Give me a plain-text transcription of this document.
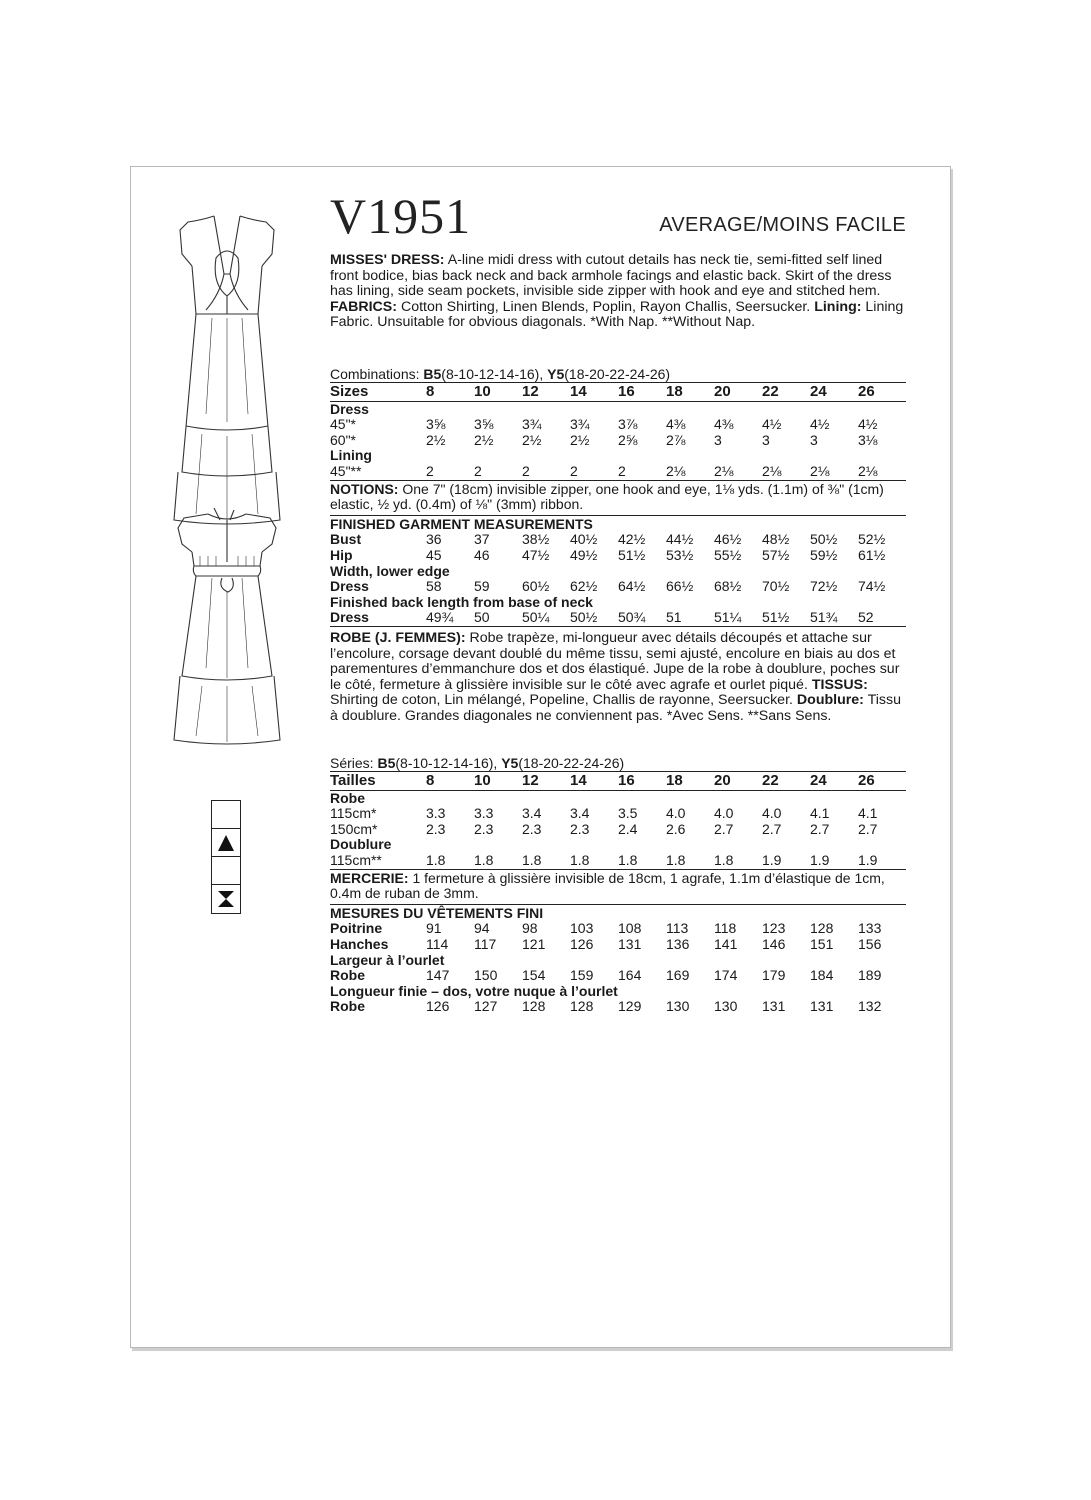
V1951	AVERAGE/MOINS FACILE
MISSES' DRESS: A-line midi dress with cutout details has neck tie, semi-fitted self lined front bodice, bias back neck and back armhole facings and elastic back. Skirt of the dress has lining, side seam pockets, invisible side zipper with hook and eye and stitched hem. FABRICS: Cotton Shirting, Linen Blends, Poplin, Rayon Challis, Seersucker. Lining: Lining Fabric. Unsuitable for obvious diagonals. *With Nap. **Without Nap.
Combinations: B5(8-10-12-14-16), Y5(18-20-22-24-26)
Sizes	8	10	12	14	16	18	20	22	24	26
Dress										
45"*	3⅝	3⅝	3¾	3¾	3⅞	4⅜	4⅜	4½	4½	4½
60"*	2½	2½	2½	2½	2⅝	2⅞	3	3	3	3⅛
Lining										
45"**	2	2	2	2	2	2⅛	2⅛	2⅛	2⅛	2⅛
NOTIONS: One 7" (18cm) invisible zipper, one hook and eye, 1⅛ yds. (1.1m) of ⅜" (1cm) elastic, ½ yd. (0.4m) of ⅛" (3mm) ribbon.										
FINISHED GARMENT MEASUREMENTS										
Bust	36	37	38½	40½	42½	44½	46½	48½	50½	52½
Hip	45	46	47½	49½	51½	53½	55½	57½	59½	61½
Width, lower edge										
Dress	58	59	60½	62½	64½	66½	68½	70½	72½	74½
Finished back length from base of neck										
Dress	49¾	50	50¼	50½	50¾	51	51¼	51½	51¾	52
ROBE (J. FEMMES): Robe trapèze, mi-longueur avec détails découpés et attache sur l’encolure, corsage devant doublé du même tissu, semi ajusté, encolure en biais au dos et parementures d’emmanchure dos et dos élastiqué. Jupe de la robe à doublure, poches sur le côté, fermeture à glissière invisible sur le côté avec agrafe et ourlet piqué. TISSUS: Shirting de coton, Lin mélangé, Popeline, Challis de rayonne, Seersucker. Doublure: Tissu à doublure. Grandes diagonales ne conviennent pas. *Avec Sens. **Sans Sens.
Séries: B5(8-10-12-14-16), Y5(18-20-22-24-26)
Tailles	8	10	12	14	16	18	20	22	24	26
Robe										
115cm*	3.3	3.3	3.4	3.4	3.5	4.0	4.0	4.0	4.1	4.1
150cm*	2.3	2.3	2.3	2.3	2.4	2.6	2.7	2.7	2.7	2.7
Doublure										
115cm**	1.8	1.8	1.8	1.8	1.8	1.8	1.8	1.9	1.9	1.9
MERCERIE: 1 fermeture à glissière invisible de 18cm, 1 agrafe, 1.1m d’élastique de 1cm, 0.4m de ruban de 3mm.										
MESURES DU VÊTEMENTS FINI										
Poitrine	91	94	98	103	108	113	118	123	128	133
Hanches	114	117	121	126	131	136	141	146	151	156
Largeur à l’ourlet										
Robe	147	150	154	159	164	169	174	179	184	189
Longueur finie – dos, votre nuque à l’ourlet										
Robe	126	127	128	128	129	130	130	131	131	132
